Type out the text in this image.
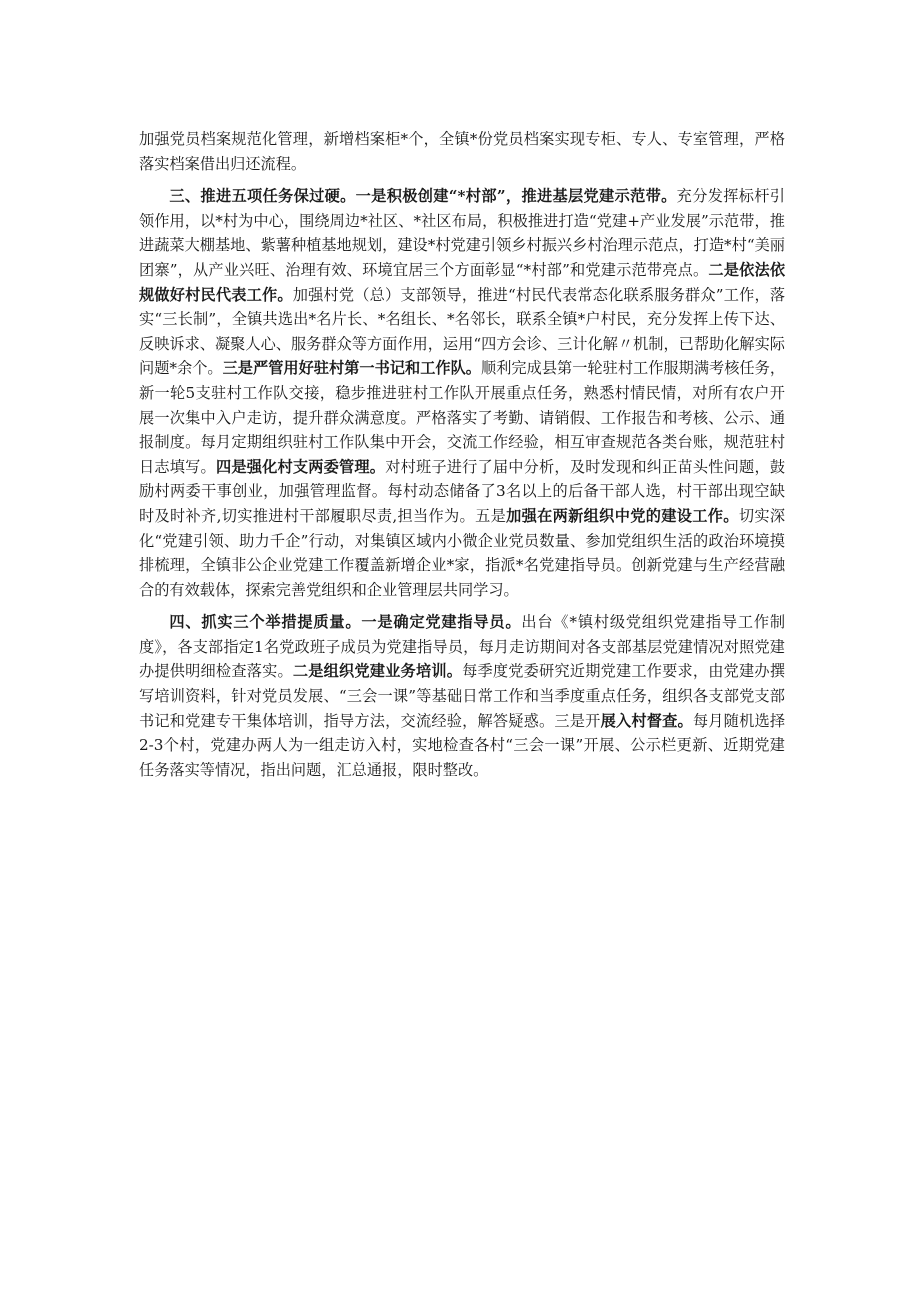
加强党员档案规范化管理，新增档案柜*个，全镇*份党员档案实现专柜、专人、专室管理，严格落实档案借出归还流程。

三、推进五项任务保过硬。一是积极创建“*村部”，推进基层党建示范带。充分发挥标杆引领作用，以*村为中心，围绕周边*社区、*社区布局，积极推进打造“党建+产业发展”示范带，推进蔬菜大棚基地、紫薯种植基地规划，建设*村党建引领乡村振兴乡村治理示范点，打造*村“美丽团寨”，从产业兴旺、治理有效、环境宜居三个方面彰显“*村部”和党建示范带亮点。二是依法依规做好村民代表工作。加强村党（总）支部领导，推进“村民代表常态化联系服务群众”工作，落实“三长制”，全镇共选出*名片长、*名组长、*名邻长，联系全镇*户村民，充分发挥上传下达、反映诉求、凝聚人心、服务群众等方面作用，运用“四方会诊、三计化解〃机制，已帮助化解实际问题*余个。三是严管用好驻村第一书记和工作队。顺利完成县第一轮驻村工作服期满考核任务，新一轮5支驻村工作队交接，稳步推进驻村工作队开展重点任务，熟悉村情民情，对所有农户开展一次集中入户走访，提升群众满意度。严格落实了考勤、请销假、工作报告和考核、公示、通报制度。每月定期组织驻村工作队集中开会，交流工作经验，相互审查规范各类台账，规范驻村日志填写。四是强化村支两委管理。对村班子进行了届中分析，及时发现和纠正苗头性问题，鼓励村两委干事创业，加强管理监督。每村动态储备了3名以上的后备干部人选，村干部出现空缺时及时补齐,切实推进村干部履职尽责,担当作为。五是加强在两新组织中党的建设工作。切实深化“党建引领、助力千企”行动，对集镇区域内小微企业党员数量、参加党组织生活的政治环境摸排梳理，全镇非公企业党建工作覆盖新增企业*家，指派*名党建指导员。创新党建与生产经营融合的有效载体，探索完善党组织和企业管理层共同学习。

四、抓实三个举措提质量。一是确定党建指导员。出台《*镇村级党组织党建指导工作制度》，各支部指定1名党政班子成员为党建指导员，每月走访期间对各支部基层党建情况对照党建办提供明细检查落实。二是组织党建业务培训。每季度党委研究近期党建工作要求，由党建办撰写培训资料，针对党员发展、“三会一课”等基础日常工作和当季度重点任务，组织各支部党支部书记和党建专干集体培训，指导方法，交流经验，解答疑惑。三是开展入村督查。每月随机选择2-3个村，党建办两人为一组走访入村，实地检查各村“三会一课”开展、公示栏更新、近期党建任务落实等情况，指出问题，汇总通报，限时整改。
